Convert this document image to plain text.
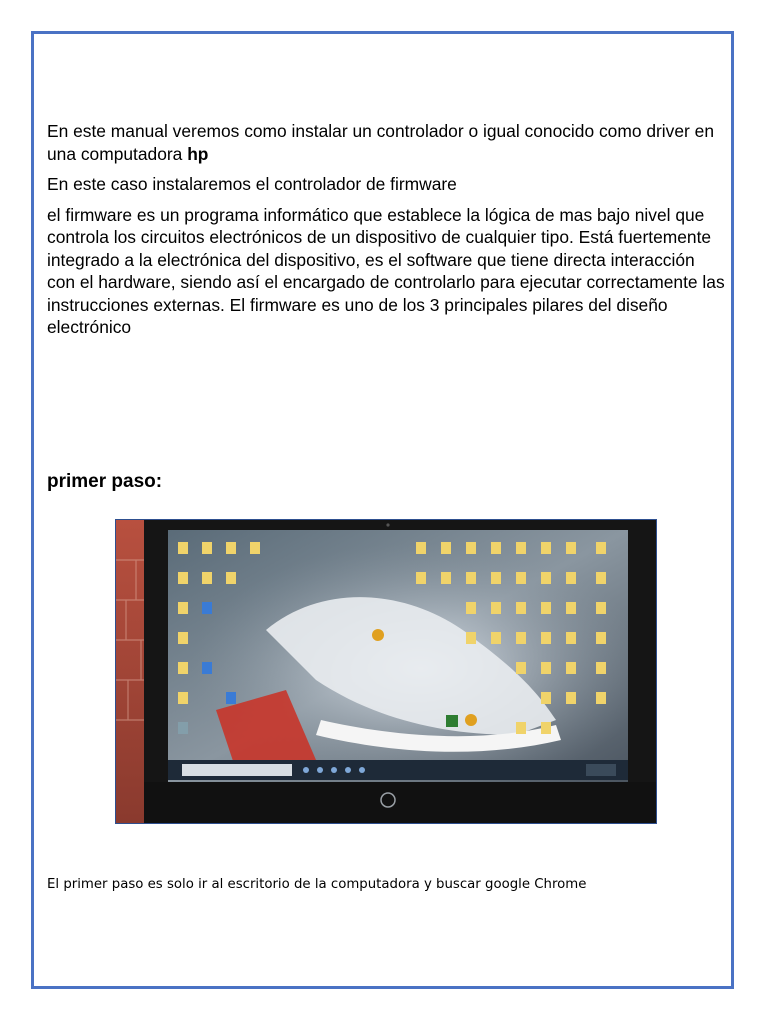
En este manual veremos como instalar un controlador o igual conocido como driver en una computadora hp

En este caso instalaremos el controlador de firmware

el firmware es un programa informático que establece la lógica de mas bajo nivel que controla los circuitos electrónicos de un dispositivo de cualquier tipo. Está fuertemente integrado a la electrónica del dispositivo, es el software que tiene directa interacción con el hardware, siendo así el encargado de controlarlo para ejecutar correctamente las instrucciones externas. El firmware es uno de los 3 principales pilares del diseño electrónico

primer paso:
El primer paso es solo ir al escritorio de la computadora y buscar google Chrome
